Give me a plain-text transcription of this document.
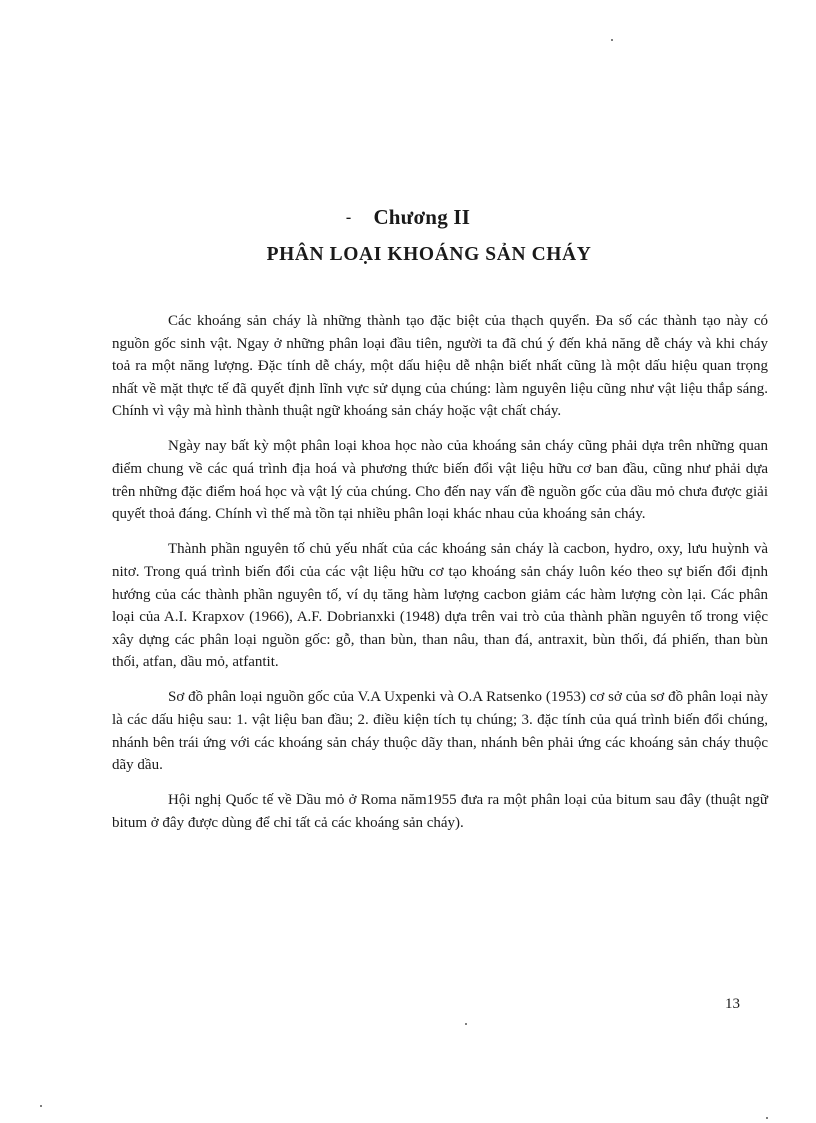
- Chương II
PHÂN LOẠI KHOÁNG SẢN CHÁY

Các khoáng sản cháy là những thành tạo đặc biệt của thạch quyển. Đa số các thành tạo này có nguồn gốc sinh vật. Ngay ở những phân loại đầu tiên, người ta đã chú ý đến khả năng dễ cháy và khi cháy toả ra một năng lượng. Đặc tính dễ cháy, một dấu hiệu dễ nhận biết nhất cũng là một dấu hiệu quan trọng nhất về mặt thực tế đã quyết định lĩnh vực sử dụng của chúng: làm nguyên liệu cũng như vật liệu thắp sáng. Chính vì vậy mà hình thành thuật ngữ khoáng sản cháy hoặc vật chất cháy.

Ngày nay bất kỳ một phân loại khoa học nào của khoáng sản cháy cũng phải dựa trên những quan điểm chung về các quá trình địa hoá và phương thức biến đổi vật liệu hữu cơ ban đầu, cũng như phải dựa trên những đặc điểm hoá học và vật lý của chúng. Cho đến nay vấn đề nguồn gốc của dầu mỏ chưa được giải quyết thoả đáng. Chính vì thế mà tồn tại nhiều phân loại khác nhau của khoáng sản cháy.

Thành phần nguyên tố chủ yếu nhất của các khoáng sản cháy là cacbon, hydro, oxy, lưu huỳnh và nitơ. Trong quá trình biến đổi của các vật liệu hữu cơ tạo khoáng sản cháy luôn kéo theo sự biến đổi định hướng của các thành phần nguyên tố, ví dụ tăng hàm lượng cacbon giảm các hàm lượng còn lại. Các phân loại của A.I. Krapxov (1966), A.F. Dobrianxki (1948) dựa trên vai trò của thành phần nguyên tố trong việc xây dựng các phân loại nguồn gốc: gỗ, than bùn, than nâu, than đá, antraxit, bùn thối, đá phiến, than bùn thối, atfan, dầu mỏ, atfantit.

Sơ đồ phân loại nguồn gốc của V.A Uxpenki và O.A Ratsenko (1953) cơ sở của sơ đồ phân loại này là các dấu hiệu sau: 1. vật liệu ban đầu; 2. điều kiện tích tụ chúng; 3. đặc tính của quá trình biến đổi chúng, nhánh bên trái ứng với các khoáng sản cháy thuộc dãy than, nhánh bên phải ứng các khoáng sản cháy thuộc dãy dầu.

Hội nghị Quốc tế về Dầu mỏ ở Roma năm1955 đưa ra một phân loại của bitum sau đây (thuật ngữ bitum ở đây được dùng để chỉ tất cả các khoáng sản cháy).

13
